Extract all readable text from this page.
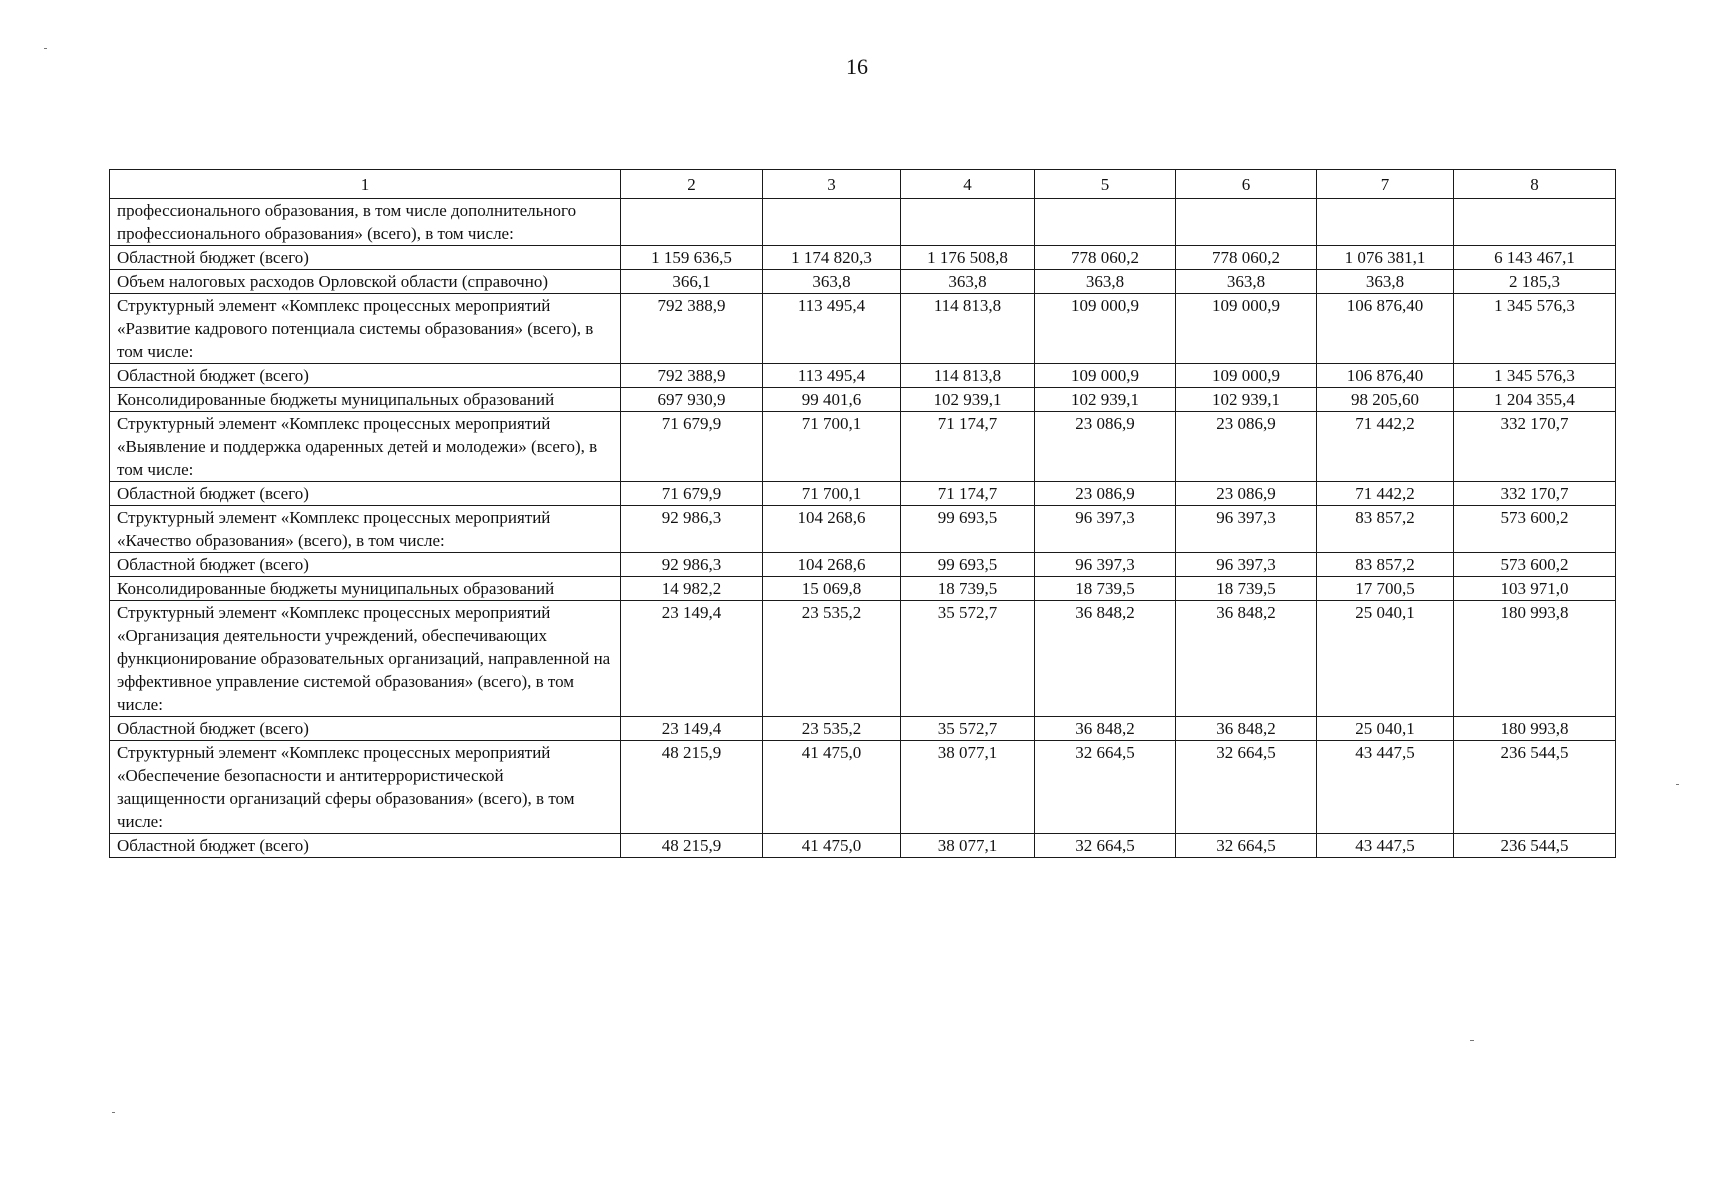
16
1	2	3	4	5	6	7	8
профессионального образования, в том числе дополнительного профессионального образования» (всего), в том числе:							
Областной бюджет (всего)	1 159 636,5	1 174 820,3	1 176 508,8	778 060,2	778 060,2	1 076 381,1	6 143 467,1
Объем налоговых расходов Орловской области (справочно)	366,1	363,8	363,8	363,8	363,8	363,8	2 185,3
Структурный элемент «Комплекс процессных мероприятий «Развитие кадрового потенциала системы образования» (всего), в том числе:	792 388,9	113 495,4	114 813,8	109 000,9	109 000,9	106 876,40	1 345 576,3
Областной бюджет (всего)	792 388,9	113 495,4	114 813,8	109 000,9	109 000,9	106 876,40	1 345 576,3
Консолидированные бюджеты муниципальных образований	697 930,9	99 401,6	102 939,1	102 939,1	102 939,1	98 205,60	1 204 355,4
Структурный элемент «Комплекс процессных мероприятий «Выявление и поддержка одаренных детей и молодежи» (всего), в том числе:	71 679,9	71 700,1	71 174,7	23 086,9	23 086,9	71 442,2	332 170,7
Областной бюджет (всего)	71 679,9	71 700,1	71 174,7	23 086,9	23 086,9	71 442,2	332 170,7
Структурный элемент «Комплекс процессных мероприятий «Качество образования» (всего), в том числе:	92 986,3	104 268,6	99 693,5	96 397,3	96 397,3	83 857,2	573 600,2
Областной бюджет (всего)	92 986,3	104 268,6	99 693,5	96 397,3	96 397,3	83 857,2	573 600,2
Консолидированные бюджеты муниципальных образований	14 982,2	15 069,8	18 739,5	18 739,5	18 739,5	17 700,5	103 971,0
Структурный элемент «Комплекс процессных мероприятий «Организация деятельности учреждений, обеспечивающих функционирование образовательных организаций, направленной на эффективное управление системой образования» (всего), в том числе:	23 149,4	23 535,2	35 572,7	36 848,2	36 848,2	25 040,1	180 993,8
Областной бюджет (всего)	23 149,4	23 535,2	35 572,7	36 848,2	36 848,2	25 040,1	180 993,8
Структурный элемент «Комплекс процессных мероприятий «Обеспечение безопасности и антитеррористической защищенности организаций сферы образования» (всего), в том числе:	48 215,9	41 475,0	38 077,1	32 664,5	32 664,5	43 447,5	236 544,5
Областной бюджет (всего)	48 215,9	41 475,0	38 077,1	32 664,5	32 664,5	43 447,5	236 544,5
